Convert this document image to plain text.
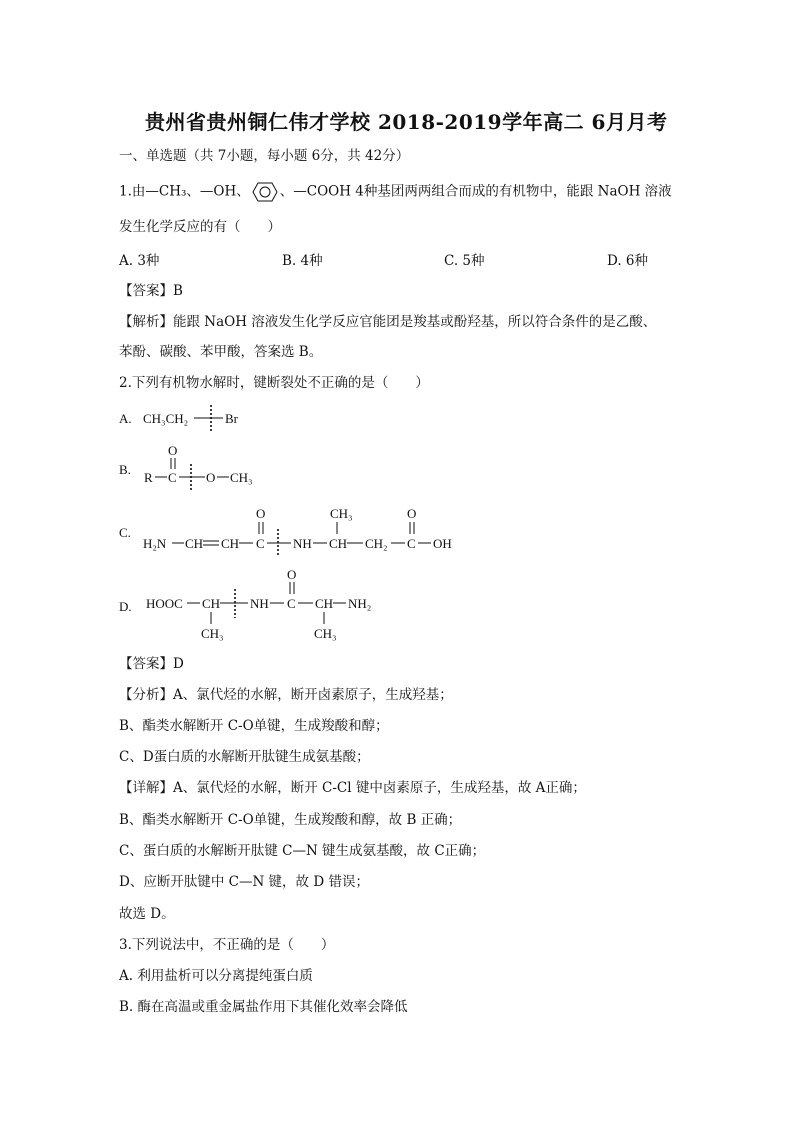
贵州省贵州铜仁伟才学校 2018-2019学年高二 6月月考
一、单选题（共 7小题，每小题 6分，共 42分）
1.由—CH₃、—OH、 、—COOH 4种基团两两组合而成的有机物中，能跟 NaOH 溶液
发生化学反应的有（　　）
A. 3种	B. 4种	C. 5种	D. 6种
【答案】B
【解析】能跟 NaOH 溶液发生化学反应官能团是羧基或酚羟基，所以符合条件的是乙酸、
苯酚、碳酸、苯甲酸，答案选 B。
2.下列有机物水解时，键断裂处不正确的是（　　）
A. CH₃CH₂	Br
B.
O
R C O CH₃
C.
H₂N CH CH
O
C NH
CH₃
CH CH₂
O
C OH
D. HOOC CH
CH₃
NH
O
C CH
CH₃
NH₂
【答案】D
【分析】A、氯代烃的水解，断开卤素原子，生成羟基；
B、酯类水解断开 C-O单键，生成羧酸和醇；
C、D蛋白质的水解断开肽键生成氨基酸；
【详解】A、氯代烃的水解，断开 C-Cl 键中卤素原子，生成羟基，故 A正确；
B、酯类水解断开 C-O单键，生成羧酸和醇，故 B 正确；
C、蛋白质的水解断开肽键 C—N 键生成氨基酸，故 C正确；
D、应断开肽键中 C—N 键，故 D 错误；
故选 D。
3.下列说法中，不正确的是（　　）
A. 利用盐析可以分离提纯蛋白质
B. 酶在高温或重金属盐作用下其催化效率会降低
